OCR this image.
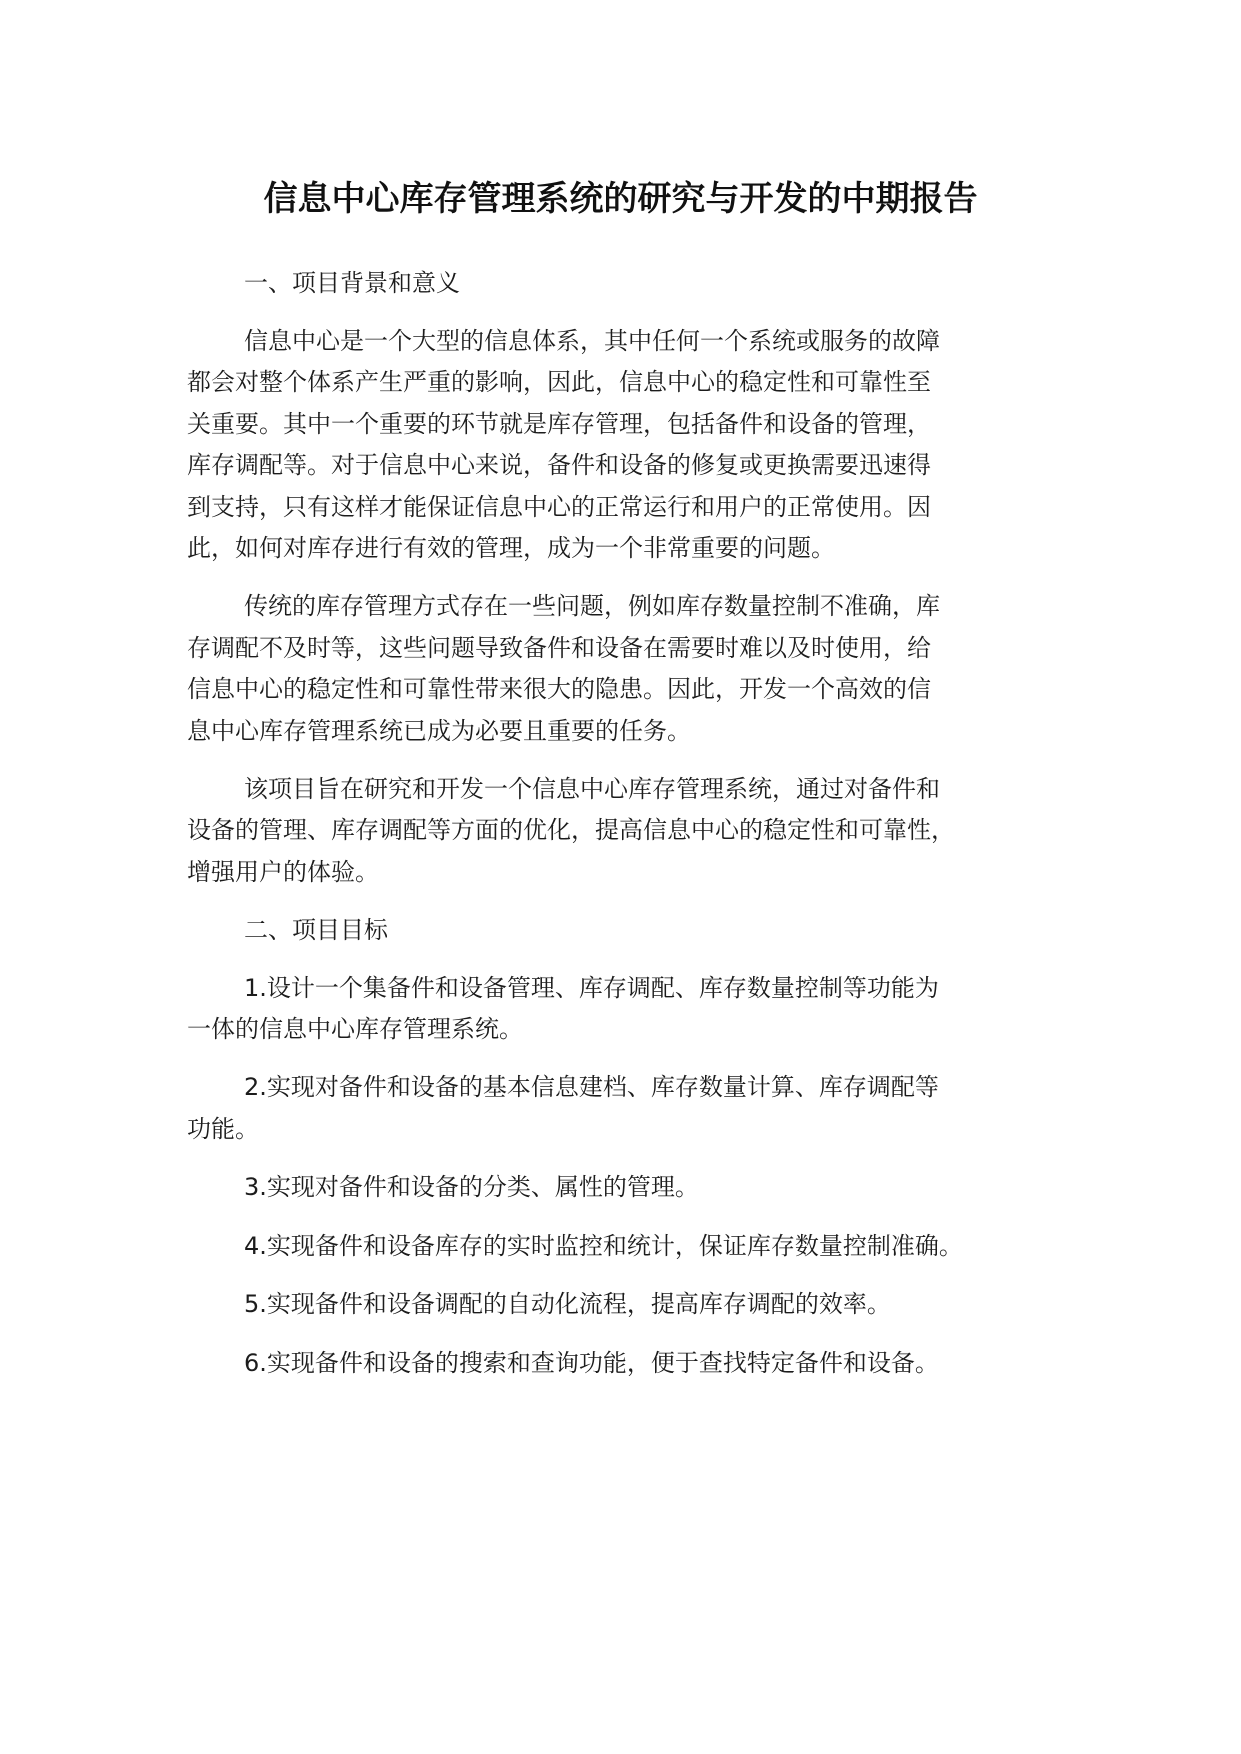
信息中心库存管理系统的研究与开发的中期报告
一、项目背景和意义
信息中心是一个大型的信息体系，其中任何一个系统或服务的故障
都会对整个体系产生严重的影响，因此，信息中心的稳定性和可靠性至
关重要。其中一个重要的环节就是库存管理，包括备件和设备的管理，
库存调配等。对于信息中心来说，备件和设备的修复或更换需要迅速得
到支持，只有这样才能保证信息中心的正常运行和用户的正常使用。因
此，如何对库存进行有效的管理，成为一个非常重要的问题。
传统的库存管理方式存在一些问题，例如库存数量控制不准确，库
存调配不及时等，这些问题导致备件和设备在需要时难以及时使用，给
信息中心的稳定性和可靠性带来很大的隐患。因此，开发一个高效的信
息中心库存管理系统已成为必要且重要的任务。
该项目旨在研究和开发一个信息中心库存管理系统，通过对备件和
设备的管理、库存调配等方面的优化，提高信息中心的稳定性和可靠性，
增强用户的体验。
二、项目目标
1.设计一个集备件和设备管理、库存调配、库存数量控制等功能为
一体的信息中心库存管理系统。
2.实现对备件和设备的基本信息建档、库存数量计算、库存调配等
功能。
3.实现对备件和设备的分类、属性的管理。
4.实现备件和设备库存的实时监控和统计，保证库存数量控制准确。
5.实现备件和设备调配的自动化流程，提高库存调配的效率。
6.实现备件和设备的搜索和查询功能，便于查找特定备件和设备。
